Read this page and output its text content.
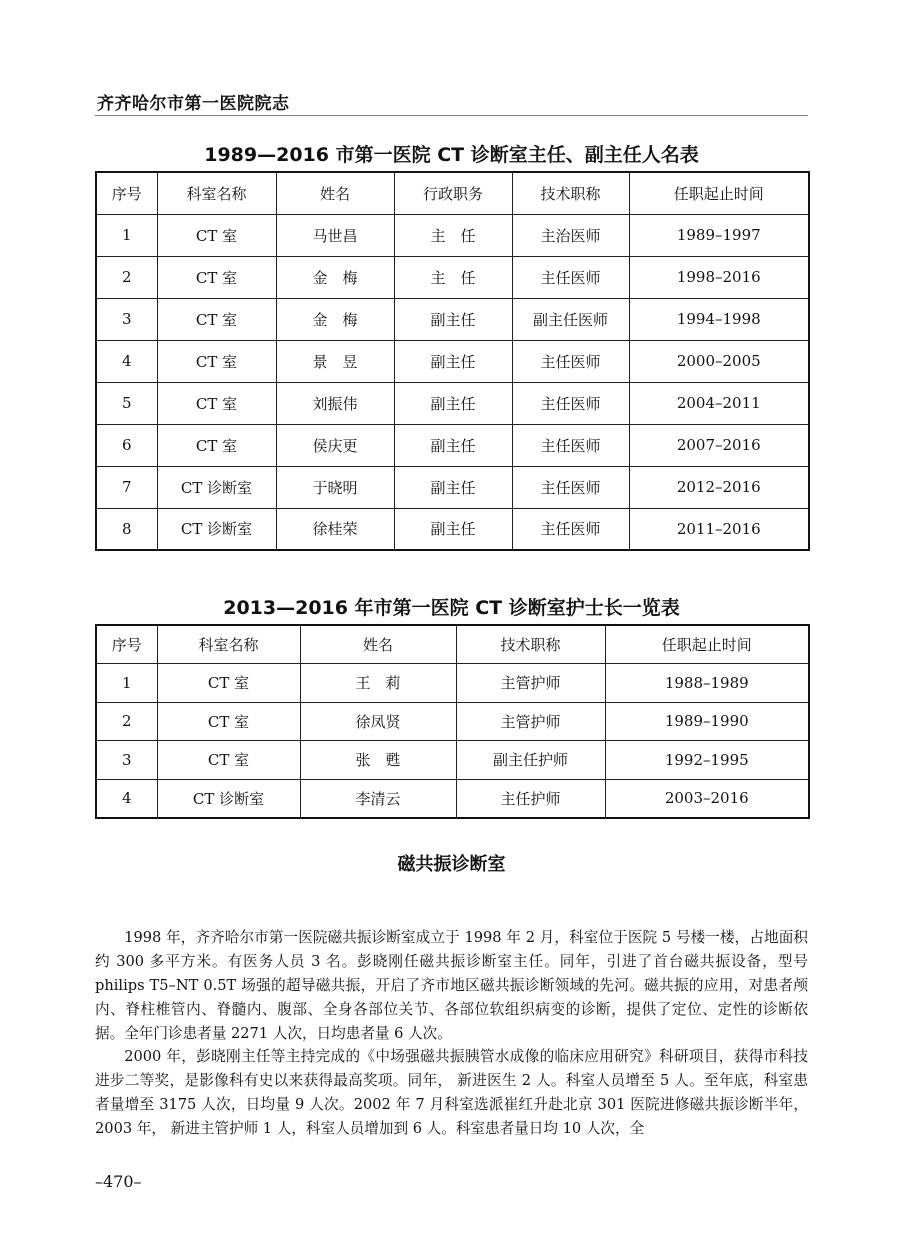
齐齐哈尔市第一医院院志
1989—2016 市第一医院 CT 诊断室主任、副主任人名表
序号	科室名称	姓名	行政职务	技术职称	任职起止时间
1	CT 室	马世昌	主　任	主治医师	1989–1997
2	CT 室	金　梅	主　任	主任医师	1998–2016
3	CT 室	金　梅	副主任	副主任医师	1994–1998
4	CT 室	景　昱	副主任	主任医师	2000–2005
5	CT 室	刘振伟	副主任	主任医师	2004–2011
6	CT 室	侯庆更	副主任	主任医师	2007–2016
7	CT 诊断室	于晓明	副主任	主任医师	2012–2016
8	CT 诊断室	徐桂荣	副主任	主任医师	2011–2016
2013—2016 年市第一医院 CT 诊断室护士长一览表
序号	科室名称	姓名	技术职称	任职起止时间
1	CT 室	王　莉	主管护师	1988–1989
2	CT 室	徐凤贤	主管护师	1989–1990
3	CT 室	张　甦	副主任护师	1992–1995
4	CT 诊断室	李清云	主任护师	2003–2016
磁共振诊断室

1998 年，齐齐哈尔市第一医院磁共振诊断室成立于 1998 年 2 月，科室位于医院 5 号楼一楼，占地面积约 300 多平方米。有医务人员 3 名。彭晓刚任磁共振诊断室主任。同年，引进了首台磁共振设备，型号 philips T5–NT 0.5T 场强的超导磁共振，开启了齐市地区磁共振诊断领域的先河。磁共振的应用，对患者颅内、脊柱椎管内、脊髓内、腹部、全身各部位关节、各部位软组织病变的诊断，提供了定位、定性的诊断依据。全年门诊患者量 2271 人次，日均患者量 6 人次。

2000 年，彭晓刚主任等主持完成的《中场强磁共振胰管水成像的临床应用研究》科研项目，获得市科技进步二等奖，是影像科有史以来获得最高奖项。同年， 新进医生 2 人。科室人员增至 5 人。至年底，科室患者量增至 3175 人次，日均量 9 人次。2002 年 7 月科室选派崔红升赴北京 301 医院进修磁共振诊断半年，2003 年， 新进主管护师 1 人，科室人员增加到 6 人。科室患者量日均 10 人次，全

–470–
